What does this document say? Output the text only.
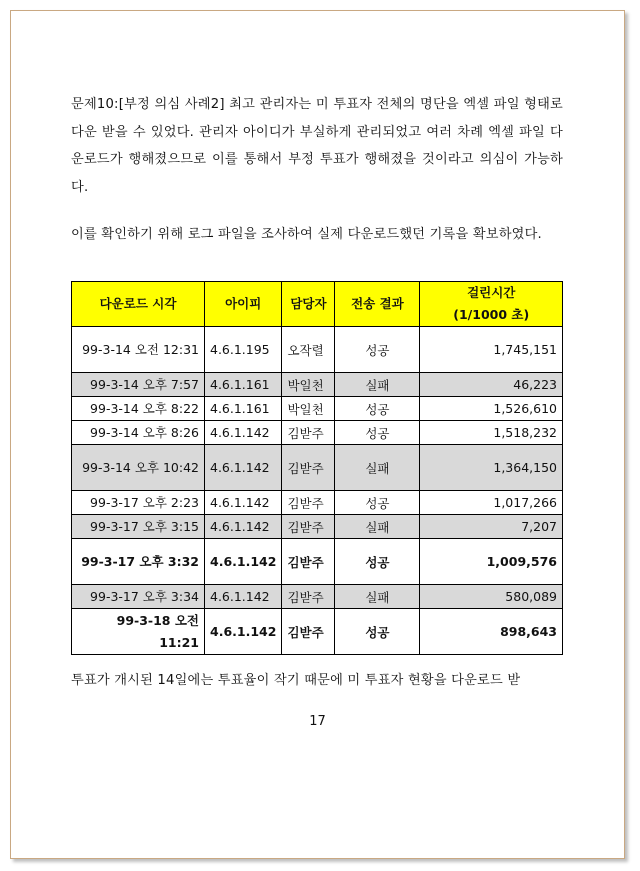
문제10:[부정 의심 사례2] 최고 관리자는 미 투표자 전체의 명단을 엑셀 파일 형태로 다운 받을 수 있었다. 관리자 아이디가 부실하게 관리되었고 여러 차례 엑셀 파일 다운로드가 행해졌으므로 이를 통해서 부정 투표가 행해졌을 것이라고 의심이 가능하다.
이를 확인하기 위해 로그 파일을 조사하여 실제 다운로드했던 기록을 확보하였다.
다운로드 시각	아이피	담당자	전송 결과	걸린시간
(1/1000 초)
99-3-14 오전 12:31	4.6.1.195	오작렬	성공	1,745,151
99-3-14 오후 7:57	4.6.1.161	박일천	실패	46,223
99-3-14 오후 8:22	4.6.1.161	박일천	성공	1,526,610
99-3-14 오후 8:26	4.6.1.142	김받주	성공	1,518,232
99-3-14 오후 10:42	4.6.1.142	김받주	실패	1,364,150
99-3-17 오후 2:23	4.6.1.142	김받주	성공	1,017,266
99-3-17 오후 3:15	4.6.1.142	김받주	실패	7,207
99-3-17 오후 3:32	4.6.1.142	김받주	성공	1,009,576
99-3-17 오후 3:34	4.6.1.142	김받주	실패	580,089
99-3-18 오전 11:21	4.6.1.142	김받주	성공	898,643
투표가 개시된 14일에는 투표율이 작기 때문에 미 투표자 현황을 다운로드 받
17
